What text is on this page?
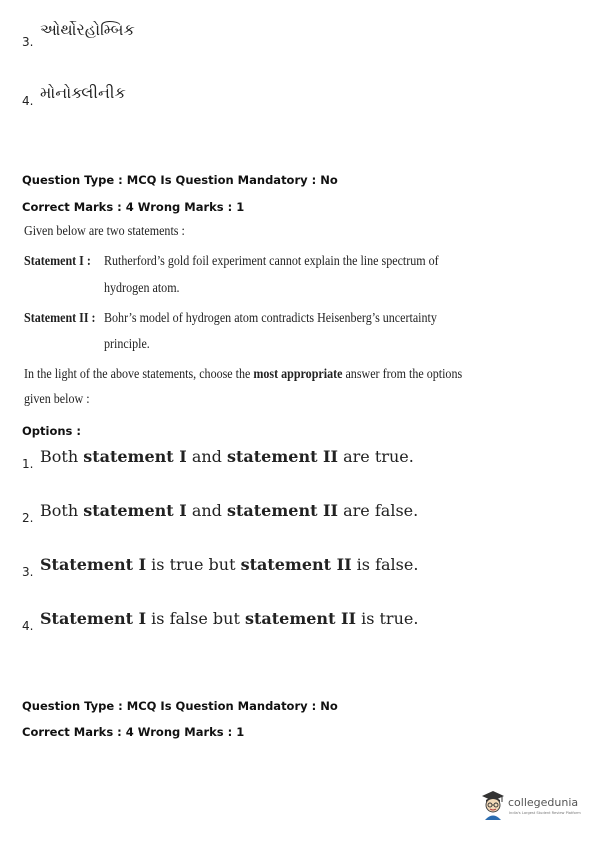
3.
ઓર્થોરહોમ્બિક
4. મોનોક્લીનીક
Question Type : MCQ Is Question Mandatory : No
Correct Marks : 4 Wrong Marks : 1
Given below are two statements :
Statement I : Rutherford’s gold foil experiment cannot explain the line spectrum of
hydrogen atom.
Statement II : Bohr’s model of hydrogen atom contradicts Heisenberg’s uncertainty
principle.
In the light of the above statements, choose the most appropriate answer from the options
given below :
Options :
1. Both statement I and statement II are true.
2. Both statement I and statement II are false.
3. Statement I is true but statement II is false.
4. Statement I is false but statement II is true.
Question Type : MCQ Is Question Mandatory : No
Correct Marks : 4 Wrong Marks : 1
collegedunia
India's Largest Student Review Platform
